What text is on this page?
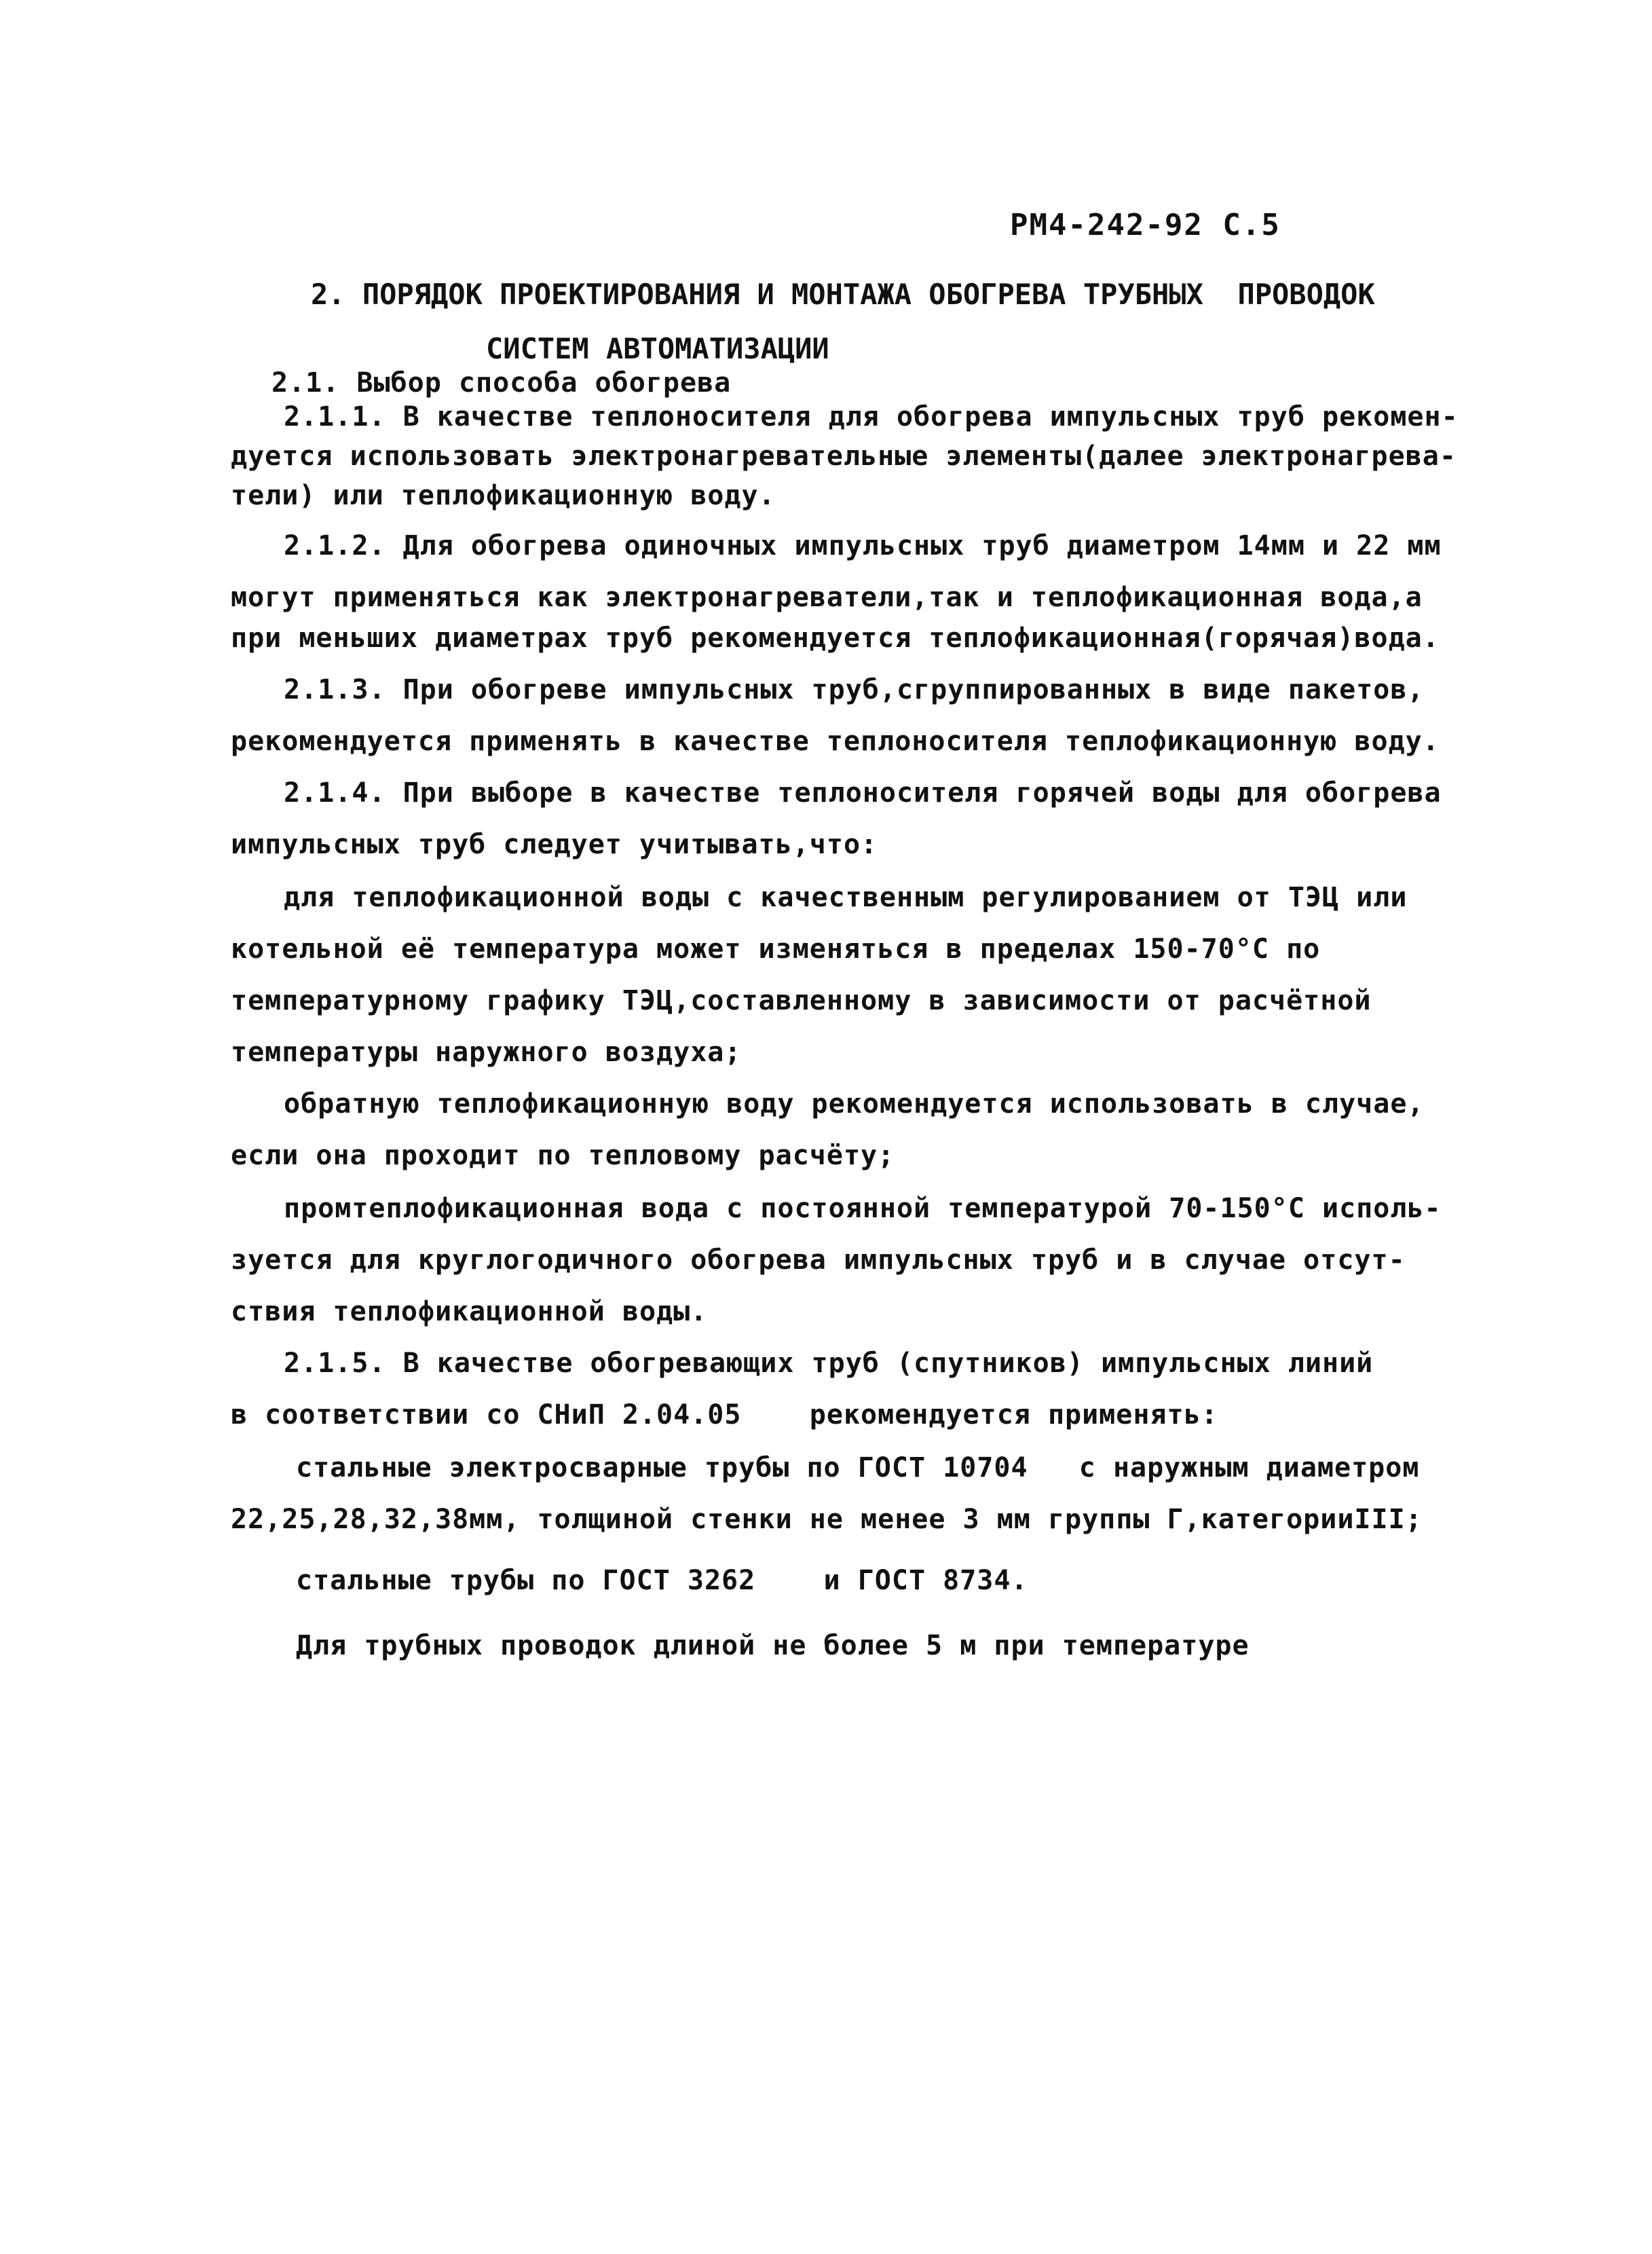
РМ4-242-92 С.5
2. ПОРЯДОК ПРОЕКТИРОВАНИЯ И МОНТАЖА ОБОГРЕВА ТРУБНЫХ  ПРОВОДОК
СИСТЕМ АВТОМАТИЗАЦИИ
2.1. Выбор способа обогрева
2.1.1. В качестве теплоносителя для обогрева импульсных труб рекомен-
дуется использовать электронагревательные элементы(далее электронагрева-
тели) или теплофикационную воду.
2.1.2. Для обогрева одиночных импульсных труб диаметром 14мм и 22 мм
могут применяться как электронагреватели,так и теплофикационная вода,а
при меньших диаметрах труб рекомендуется теплофикационная(горячая)вода.
2.1.3. При обогреве импульсных труб,сгруппированных в виде пакетов,
рекомендуется применять в качестве теплоносителя теплофикационную воду.
2.1.4. При выборе в качестве теплоносителя горячей воды для обогрева
импульсных труб следует учитывать,что:
для теплофикационной воды с качественным регулированием от ТЭЦ или
котельной её температура может изменяться в пределах 150-70°С по
температурному графику ТЭЦ,составленному в зависимости от расчётной
температуры наружного воздуха;
обратную теплофикационную воду рекомендуется использовать в случае,
если она проходит по тепловому расчёту;
промтеплофикационная вода с постоянной температурой 70-150°С исполь-
зуется для круглогодичного обогрева импульсных труб и в случае отсут-
ствия теплофикационной воды.
2.1.5. В качестве обогревающих труб (спутников) импульсных линий
в соответствии со СНиП 2.04.05    рекомендуется применять:
стальные электросварные трубы по ГОСТ 10704   с наружным диаметром
22,25,28,32,38мм, толщиной стенки не менее 3 мм группы Г,категорииIII;
стальные трубы по ГОСТ 3262    и ГОСТ 8734.
Для трубных проводок длиной не более 5 м при температуре
